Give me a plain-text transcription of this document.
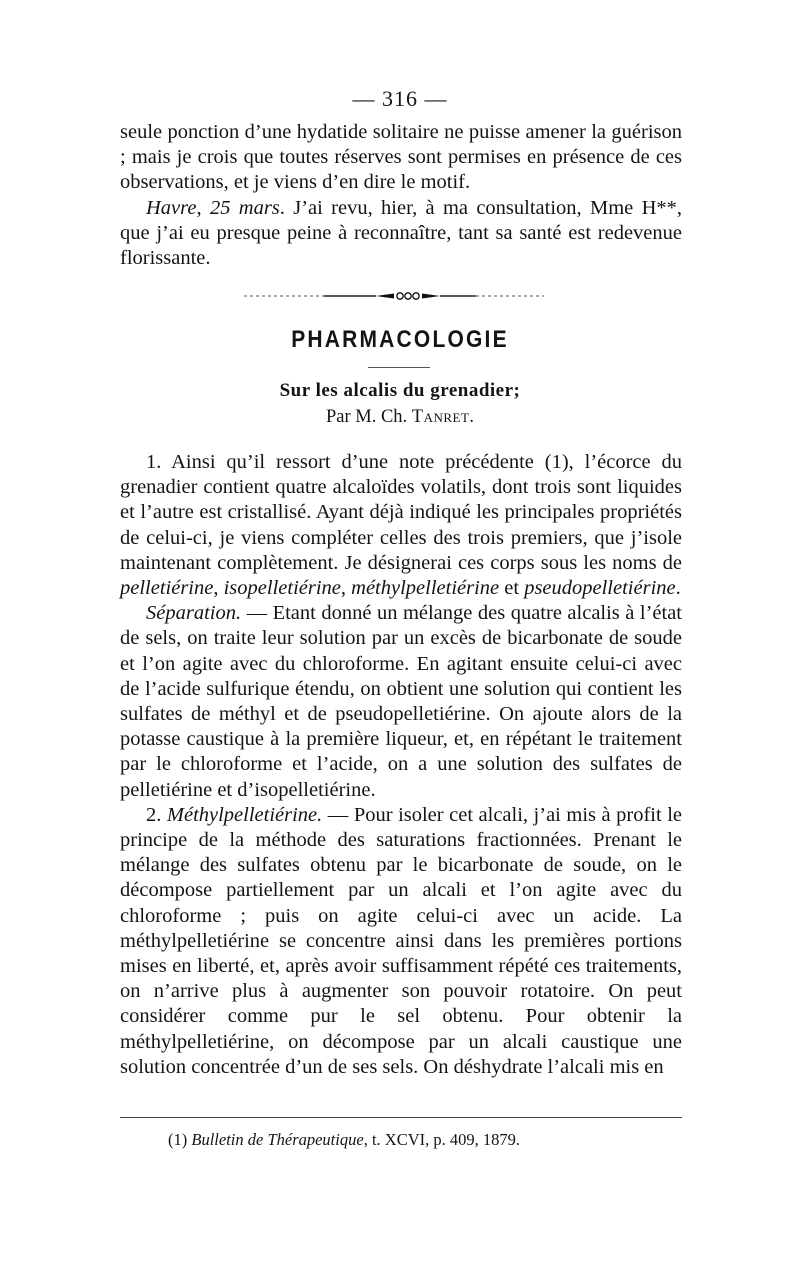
— 316 —

seule ponction d’une hydatide solitaire ne puisse amener la guérison ; mais je crois que toutes réserves sont permises en présence de ces observations, et je viens d’en dire le motif.

Havre, 25 mars. J’ai revu, hier, à ma consultation, Mme H**, que j’ai eu presque peine à reconnaître, tant sa santé est redevenue florissante.

PHARMACOLOGIE
Sur les alcalis du grenadier;
Par M. Ch. Tanret.

1. Ainsi qu’il ressort d’une note précédente (1), l’écorce du grenadier contient quatre alcaloïdes volatils, dont trois sont liquides et l’autre est cristallisé. Ayant déjà indiqué les principales propriétés de celui-ci, je viens compléter celles des trois premiers, que j’isole maintenant complètement. Je désignerai ces corps sous les noms de pelletiérine, isopelletiérine, méthylpelletiérine et pseudopelletiérine.

Séparation. — Etant donné un mélange des quatre alcalis à l’état de sels, on traite leur solution par un excès de bicarbonate de soude et l’on agite avec du chloroforme. En agitant ensuite celui-ci avec de l’acide sulfurique étendu, on obtient une solution qui contient les sulfates de méthyl et de pseudopelletiérine. On ajoute alors de la potasse caustique à la première liqueur, et, en répétant le traitement par le chloroforme et l’acide, on a une solution des sulfates de pelletiérine et d’isopelletiérine.

2. Méthylpelletiérine. — Pour isoler cet alcali, j’ai mis à profit le principe de la méthode des saturations fractionnées. Prenant le mélange des sulfates obtenu par le bicarbonate de soude, on le décompose partiellement par un alcali et l’on agite avec du chloroforme ; puis on agite celui-ci avec un acide. La méthylpelletiérine se concentre ainsi dans les premières portions mises en liberté, et, après avoir suffisamment répété ces traitements, on n’arrive plus à augmenter son pouvoir rotatoire. On peut considérer comme pur le sel obtenu. Pour obtenir la méthylpelletiérine, on décompose par un alcali caustique une solution concentrée d’un de ses sels. On déshydrate l’alcali mis en

(1) Bulletin de Thérapeutique, t. XCVI, p. 409, 1879.
